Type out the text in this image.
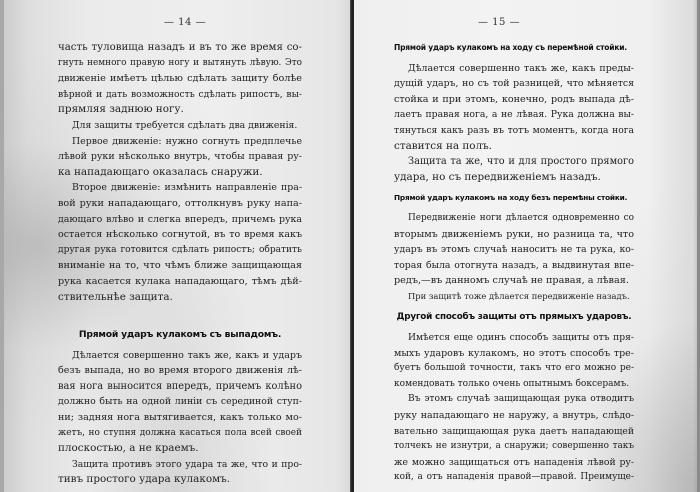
— 14 —
часть туловища назадъ и въ то же время со-
гнуть немного правую ногу и вытянуть лѣвую. Это
движенiе имѣетъ цѣлью сдѣлать защиту болѣе
вѣрной и дать возможность сдѣлать рипостъ, вы-
прямляя заднюю ногу.
Для защиты требуется сдѣлать два движенiя.
Первое движенiе: нужно согнуть предплечье
лѣвой руки нѣсколько внутрь, чтобы правая ру-
ка нападающаго оказалась снаружи.
Второе движенiе: измѣнить направленiе пра-
вой руки нападающаго, оттолкнувъ руку напа-
дающаго влѣво и слегка впередъ, причемъ рука
остается нѣсколько согнутой, въ то время какъ
другая рука готовится сдѣлать рипостъ; обратить
вниманiе на то, что чѣмъ ближе защищающая
рука касается кулака нападающаго, тѣмъ дѣй-
ствительнѣе защита.
Прямой ударъ кулакомъ съ выпадомъ.
Дѣлается совершенно такъ же, какъ и ударъ
безъ выпада, но во время второго движенiя лѣ-
вая нога выносится впередъ, причемъ колѣно
должно быть на одной линiи съ серединой ступ-
ни; задняя нога вытягивается, какъ только мо-
жетъ, но ступня должна касаться пола всей своей
плоскостью, а не краемъ.
Защита противъ этого удара та же, что и про-
тивъ простого удара кулакомъ.
— 15 —
Прямой ударъ кулакомъ на ходу съ перемѣной стойки.
Дѣлается совершенно такъ же, какъ преды-
дущiй ударъ, но съ той разницей, что мѣняется
стойка и при этомъ, конечно, родъ выпада дѣ-
лаетъ правая нога, а не лѣвая. Рука должна вы-
тянуться какъ разъ въ тотъ моментъ, когда нога
ставится на полъ.
Защита та же, что и для простого прямого
удара, но съ передвиженiемъ назадъ.
Прямой ударъ кулакомъ на ходу безъ перемѣны стойки.
Передвиженiе ноги дѣлается одновременно со
вторымъ движенiемъ руки, но разница та, что
ударъ въ этомъ случаѣ наноситъ не та рука, ко-
торая была отогнута назадъ, а выдвинутая впе-
редъ,—въ данномъ случаѣ не правая, а лѣвая.
При защитѣ тоже дѣлается передвиженiе назадъ.
Другой способъ защиты отъ прямыхъ ударовъ.
Имѣется еще одинъ способъ защиты отъ пря-
мыхъ ударовъ кулакомъ, но этотъ способъ тре-
буетъ большой точности, такъ что его можно ре-
комендовать только очень опытнымъ боксерамъ.
Въ этомъ случаѣ защищающая рука отводитъ
руку нападающаго не наружу, а внутрь, слѣдо-
вательно защищающая рука даетъ нападающей
толчекъ не изнутри, а снаружи; совершенно такъ
же можно защищаться отъ нападенiя лѣвой ру-
кой, а отъ нападенiя правой—правой. Преимуще-
